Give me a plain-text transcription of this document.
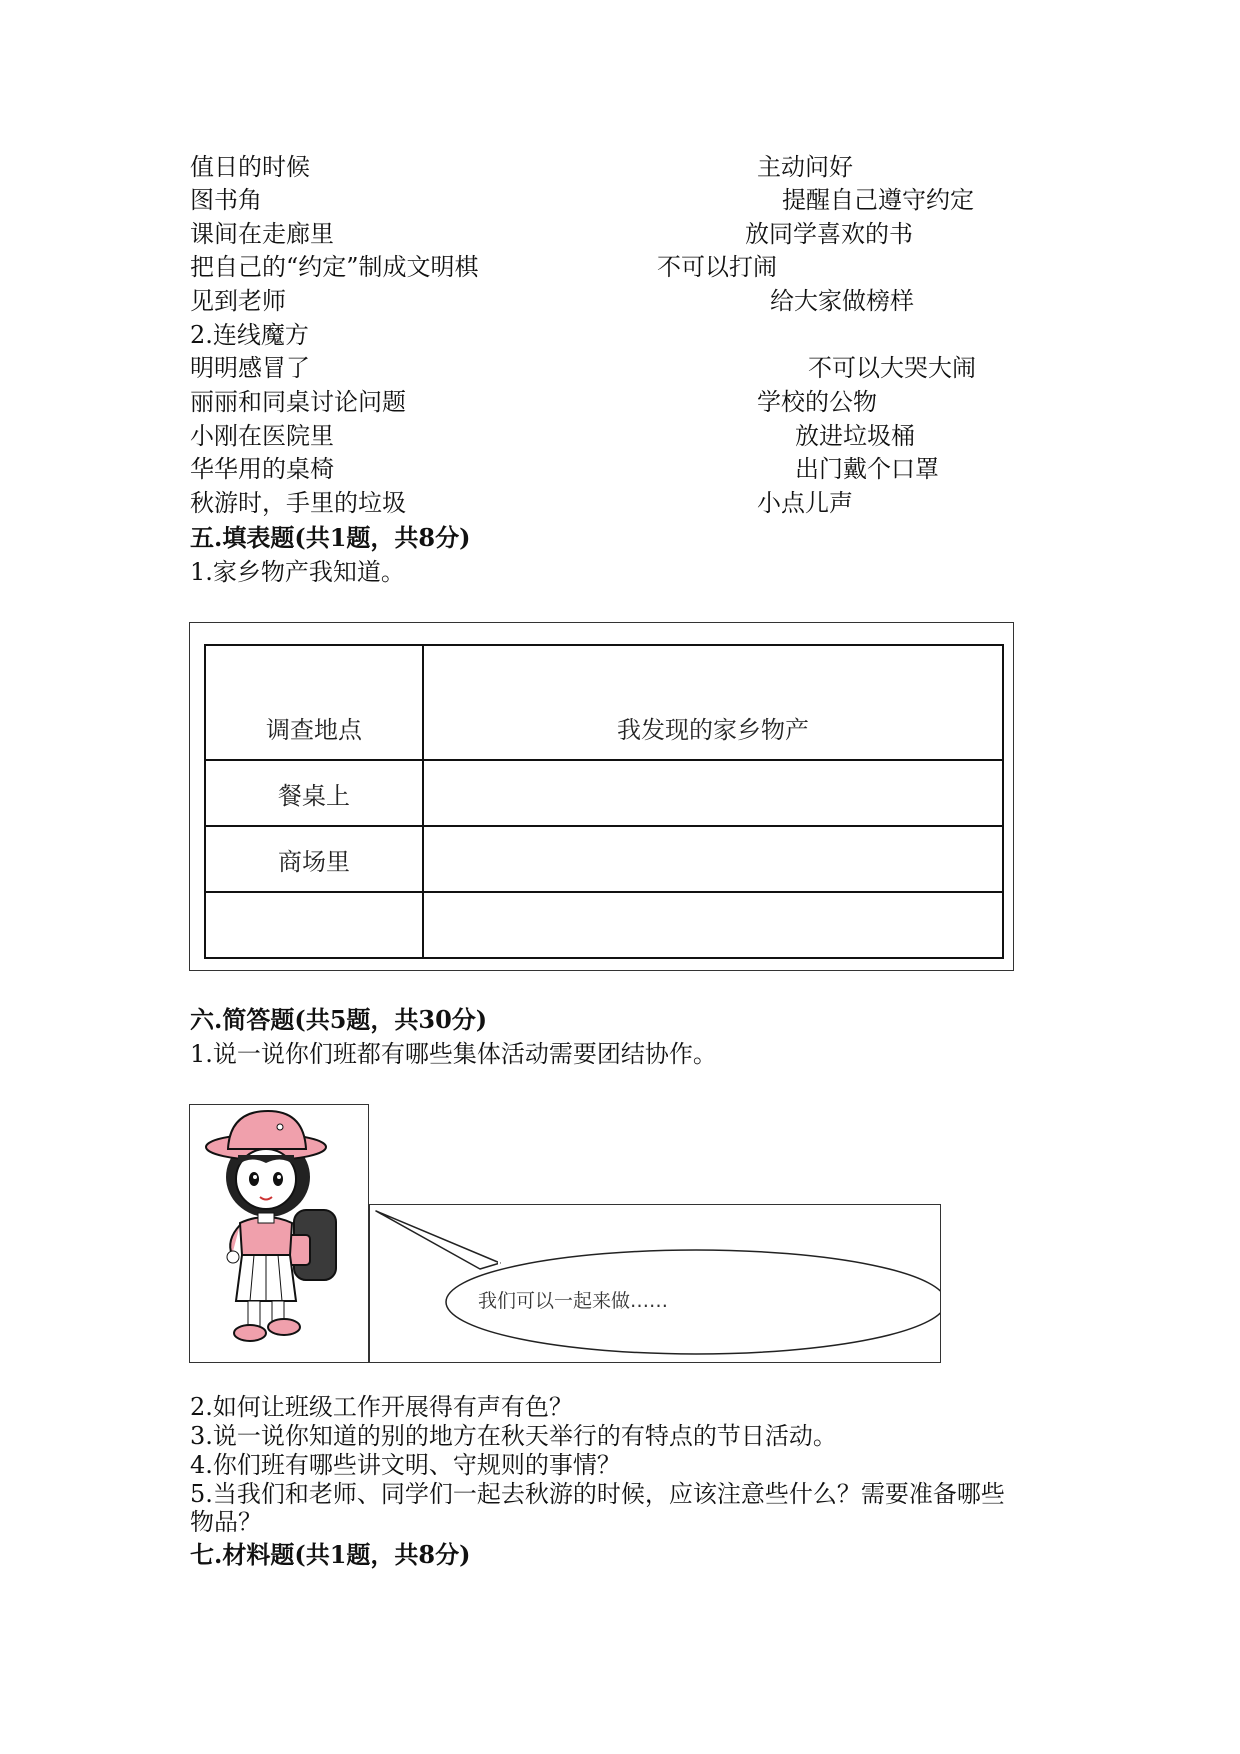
值日的时候	主动问好
图书角	提醒自己遵守约定
课间在走廊里	放同学喜欢的书
把自己的“约定”制成文明棋	不可以打闹
见到老师	给大家做榜样
2.连线魔方
明明感冒了	不可以大哭大闹
丽丽和同桌讨论问题	学校的公物
小刚在医院里	放进垃圾桶
华华用的桌椅	出门戴个口罩
秋游时，手里的垃圾	小点儿声
五.填表题(共1题，共8分)
1.家乡物产我知道。
调查地点	我发现的家乡物产
餐桌上	
商场里	

六.简答题(共5题，共30分)
1.说一说你们班都有哪些集体活动需要团结协作。
我们可以一起来做……
2.如何让班级工作开展得有声有色？
3.说一说你知道的别的地方在秋天举行的有特点的节日活动。
4.你们班有哪些讲文明、守规则的事情？
5.当我们和老师、同学们一起去秋游的时候，应该注意些什么？需要准备哪些
物品？
七.材料题(共1题，共8分)
